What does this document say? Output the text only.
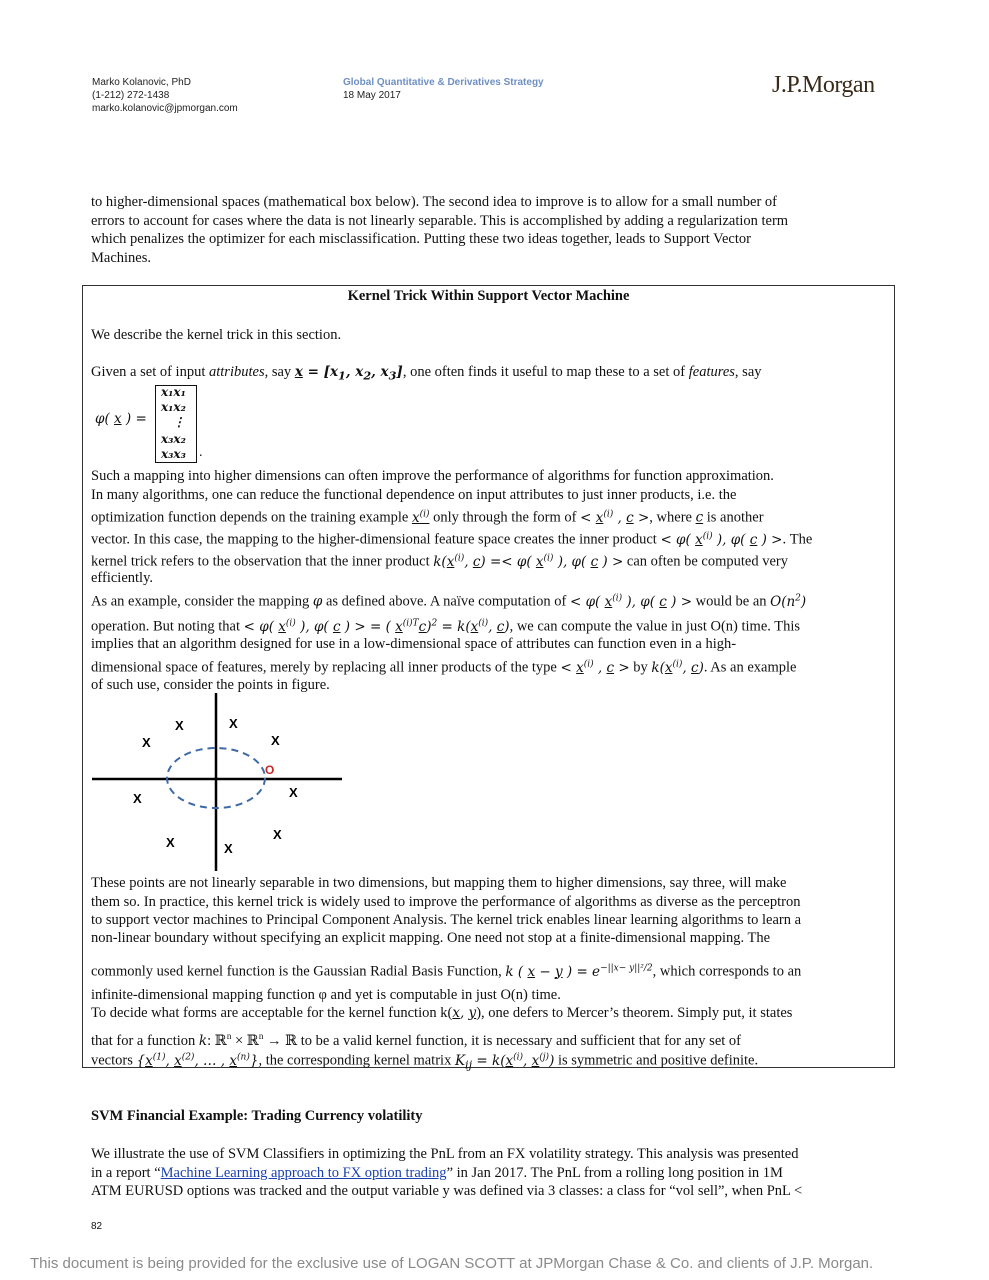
Marko Kolanovic, PhD
(1-212) 272-1438
marko.kolanovic@jpmorgan.com
Global Quantitative & Derivatives Strategy
18 May 2017	J.P.Morgan
to higher-dimensional spaces (mathematical box below). The second idea to improve is to allow for a small number of
errors to account for cases where the data is not linearly separable. This is accomplished by adding a regularization term
which penalizes the optimizer for each misclassification. Putting these two ideas together, leads to Support Vector
Machines.
Kernel Trick Within Support Vector Machine
We describe the kernel trick in this section.
Given a set of input attributes, say $x = [x_1$, $x_2$, $x_3$], one often finds it useful to map these to a set of features, say
φ( x ) =
x₁x₁
x₁x₂
⋮
x₃x₂
x₃x₃ .
Such a mapping into higher dimensions can often improve the performance of algorithms for function approximation.
In many algorithms, one can reduce the functional dependence on input attributes to just inner products, i.e. the
optimization function depends on the training example $x^{(i)}$ only through the form of < $x^{(i)}$ , c >, where c is another
vector. In this case, the mapping to the higher-dimensional feature space creates the inner product < φ( $x^{(i)}$ ), φ( c ) >. The
kernel trick refers to the observation that the inner product $k(x^{(i)}$, c) =< φ( $x^{(i)}$ ), φ( c ) > can often be computed very
efficiently.
As an example, consider the mapping φ as defined above. A naïve computation of < φ( $x^{(i)}$ ), φ( c ) > would be an $O(n^2)$
operation. But noting that < φ( $x^{(i)}$ ), φ( c ) > = ( $x^{(i)T}c)^2 = k(x^{(i)}$, c), we can compute the value in just O(n) time. This
implies that an algorithm designed for use in a low-dimensional space of attributes can function even in a high-
dimensional space of features, merely by replacing all inner products of the type < $x^{(i)}$ , c > by $k(x^{(i)}$, c). As an example
of such use, consider the points in figure.
X	X
X	X
O
X	X
X
X	X
These points are not linearly separable in two dimensions, but mapping them to higher dimensions, say three, will make
them so. In practice, this kernel trick is widely used to improve the performance of algorithms as diverse as the perceptron
to support vector machines to Principal Component Analysis. The kernel trick enables linear learning algorithms to learn a
non-linear boundary without specifying an explicit mapping. One need not stop at a finite-dimensional mapping. The
commonly used kernel function is the Gaussian Radial Basis Function, k ( x − y ) = $e^{-||x- y||^2/2}$, which corresponds to an
infinite-dimensional mapping function φ and yet is computable in just O(n) time.
To decide what forms are acceptable for the kernel function k(x, y), one defers to Mercer’s theorem. Simply put, it states
that for a function k: ℝ$^n$ × ℝ$^n$ → ℝ to be a valid kernel function, it is necessary and sufficient that for any set of
vectors {$x^{(1)}$, $x^{(2)}$, … , $x^{(n)}$}, the corresponding kernel matrix $K_{ij} = k(x^{(i)}$, $x^{(j)}$) is symmetric and positive definite.
SVM Financial Example: Trading Currency volatility
We illustrate the use of SVM Classifiers in optimizing the PnL from an FX volatility strategy. This analysis was presented
in a report “Machine Learning approach to FX option trading” in Jan 2017. The PnL from a rolling long position in 1M
ATM EURUSD options was tracked and the output variable y was defined via 3 classes: a class for “vol sell”, when PnL <
82
This document is being provided for the exclusive use of LOGAN SCOTT at JPMorgan Chase & Co. and clients of J.P. Morgan.
